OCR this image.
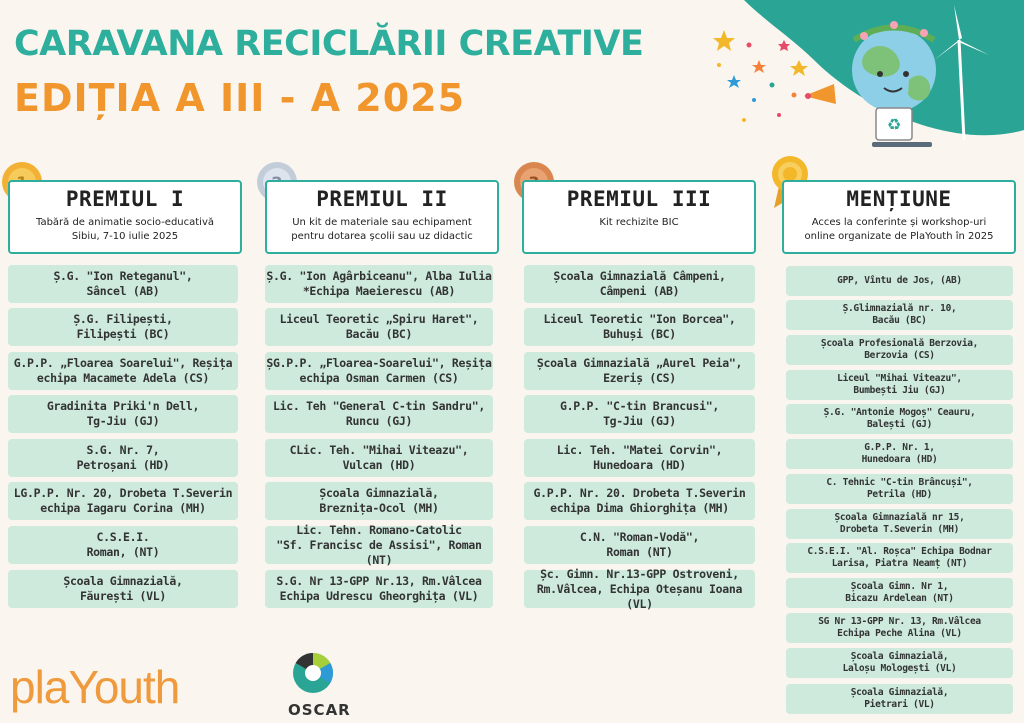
CARAVANA RECICLĂRII CREATIVE
EDIȚIA A III - A 2025
♻
PREMIUL I
Tabără de animatie socio-educativă
Sibiu, 7-10 iulie 2025
Ș.G. "Ion Reteganul",
Sâncel (AB)
Ș.G. Filipești,
Filipești (BC)
G.P.P. „Floarea Soarelui", Reșița
echipa Macamete Adela (CS)
Gradinita Priki'n Dell,
Tg-Jiu (GJ)
S.G. Nr. 7,
Petroșani (HD)
LG.P.P. Nr. 20, Drobeta T.Severin
echipa Iagaru Corina (MH)
C.S.E.I.
Roman, (NT)
Școala Gimnazială,
Făurești (VL)
PREMIUL II
Un kit de materiale sau echipament
pentru dotarea școlii sau uz didactic
Ș.G. "Ion Agârbiceanu", Alba Iulia
*Echipa Maeierescu (AB)
Liceul Teoretic „Spiru Haret",
Bacău (BC)
ȘG.P.P. „Floarea-Soarelui", Reșița
echipa Osman Carmen (CS)
Lic. Teh "General C-tin Sandru",
Runcu (GJ)
CLic. Teh. "Mihai Viteazu",
Vulcan (HD)
Școala Gimnazială,
Breznița-Ocol (MH)
Lic. Tehn. Romano-Catolic
"Sf. Francisc de Assisi", Roman (NT)
S.G. Nr 13-GPP Nr.13, Rm.Vâlcea
Echipa Udrescu Gheorghița (VL)
PREMIUL III
Kit rechizite BIC
Școala Gimnazială Câmpeni,
Câmpeni (AB)
Liceul Teoretic "Ion Borcea",
Buhuși (BC)
Școala Gimnazială „Aurel Peia",
Ezeriș (CS)
G.P.P. "C-tin Brancusi",
Tg-Jiu (GJ)
Lic. Teh. "Matei Corvin",
Hunedoara (HD)
G.P.P. Nr. 20. Drobeta T.Severin
echipa Dima Ghiorghița (MH)
C.N. "Roman-Vodă",
Roman (NT)
Șc. Gimn. Nr.13-GPP Ostroveni,
Rm.Vâlcea, Echipa Oteșanu Ioana (VL)
MENȚIUNE
Acces la conferinte și workshop-uri
online organizate de PlaYouth în 2025
GPP, Vîntu de Jos, (AB)
Ș.Glimnazială nr. 10,
Bacău (BC)
Școala Profesională Berzovia,
Berzovia (CS)
Liceul "Mihai Viteazu",
Bumbești Jiu (GJ)
Ș.G. "Antonie Mogoș" Ceauru,
Balești (GJ)
G.P.P. Nr. 1,
Hunedoara (HD)
C. Tehnic "C-tin Brâncuși",
Petrila (HD)
Școala Gimnazială nr 15,
Drobeta T.Severin (MH)
C.S.E.I. "Al. Roșca" Echipa Bodnar
Larisa, Piatra Neamț (NT)
Școala Gimn. Nr 1,
Bicazu Ardelean (NT)
SG Nr 13-GPP Nr. 13, Rm.Vâlcea
Echipa Peche Alina (VL)
Școala Gimnazială,
Laloșu Mologești (VL)
Școala Gimnazială,
Pietrari (VL)
plaYouth	OSCAR
